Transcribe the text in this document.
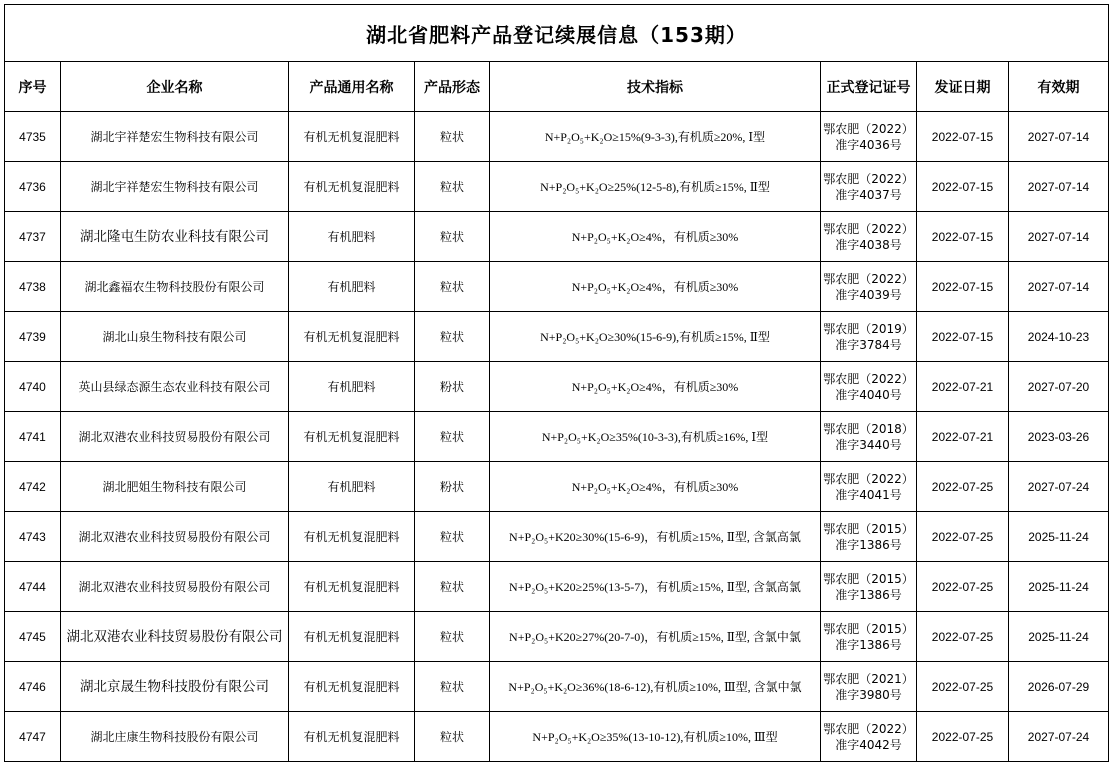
湖北省肥料产品登记续展信息（153期）							
序号	企业名称	产品通用名称	产品形态	技术指标	正式登记证号	发证日期	有效期
4735	湖北宇祥楚宏生物科技有限公司	有机无机复混肥料	粒状	N+P₂O₅+K₂O≥15%(9-3-3),有机质≥20%, Ⅰ型	鄂农肥（2022）
准字4036号	2022-07-15	2027-07-14
4736	湖北宇祥楚宏生物科技有限公司	有机无机复混肥料	粒状	N+P₂O₅+K₂O≥25%(12-5-8),有机质≥15%, Ⅱ型	鄂农肥（2022）
准字4037号	2022-07-15	2027-07-14
4737	湖北隆屯生防农业科技有限公司	有机肥料	粒状	N+P₂O₅+K₂O≥4%，有机质≥30%	鄂农肥（2022）
准字4038号	2022-07-15	2027-07-14
4738	湖北鑫福农生物科技股份有限公司	有机肥料	粒状	N+P₂O₅+K₂O≥4%，有机质≥30%	鄂农肥（2022）
准字4039号	2022-07-15	2027-07-14
4739	湖北山泉生物科技有限公司	有机无机复混肥料	粒状	N+P₂O₅+K₂O≥30%(15-6-9),有机质≥15%, Ⅱ型	鄂农肥（2019）
准字3784号	2022-07-15	2024-10-23
4740	英山县绿态源生态农业科技有限公司	有机肥料	粉状	N+P₂O₅+K₂O≥4%，有机质≥30%	鄂农肥（2022）
准字4040号	2022-07-21	2027-07-20
4741	湖北双港农业科技贸易股份有限公司	有机无机复混肥料	粒状	N+P₂O₅+K₂O≥35%(10-3-3),有机质≥16%, Ⅰ型	鄂农肥（2018）
准字3440号	2022-07-21	2023-03-26
4742	湖北肥姐生物科技有限公司	有机肥料	粉状	N+P₂O₅+K₂O≥4%，有机质≥30%	鄂农肥（2022）
准字4041号	2022-07-25	2027-07-24
4743	湖北双港农业科技贸易股份有限公司	有机无机复混肥料	粒状	N+P₂O₅+K20≥30%(15-6-9)，有机质≥15%, Ⅱ型, 含氯高氯	鄂农肥（2015）
准字1386号	2022-07-25	2025-11-24
4744	湖北双港农业科技贸易股份有限公司	有机无机复混肥料	粒状	N+P₂O₅+K20≥25%(13-5-7)，有机质≥15%, Ⅱ型, 含氯高氯	鄂农肥（2015）
准字1386号	2022-07-25	2025-11-24
4745	湖北双港农业科技贸易股份有限公司	有机无机复混肥料	粒状	N+P₂O₅+K20≥27%(20-7-0)，有机质≥15%, Ⅱ型, 含氯中氯	鄂农肥（2015）
准字1386号	2022-07-25	2025-11-24
4746	湖北京晟生物科技股份有限公司	有机无机复混肥料	粒状	N+P₂O₅+K₂O≥36%(18-6-12),有机质≥10%, Ⅲ型, 含氯中氯	鄂农肥（2021）
准字3980号	2022-07-25	2026-07-29
4747	湖北庄康生物科技股份有限公司	有机无机复混肥料	粒状	N+P₂O₅+K₂O≥35%(13-10-12),有机质≥10%, Ⅲ型	鄂农肥（2022）
准字4042号	2022-07-25	2027-07-24
